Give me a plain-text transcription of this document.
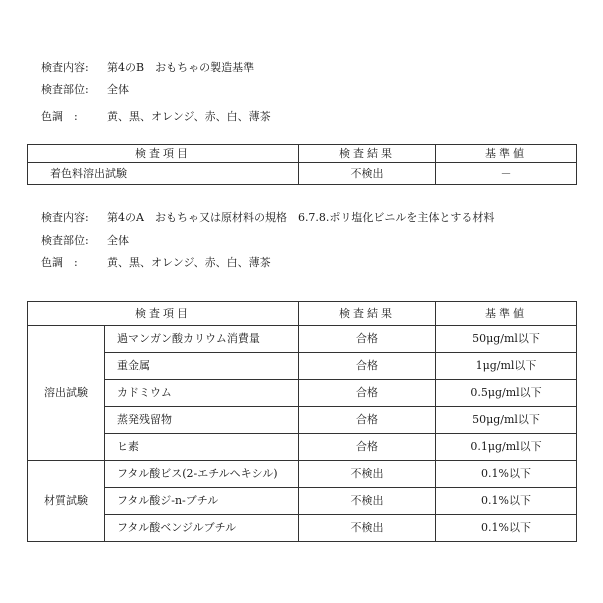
検査内容: 第4のB　おもちゃの製造基準
検査部位: 全体
色調　:	黄、黒、オレンジ、赤、白、薄茶
検査項目	検査結果	基準値
着色料溶出試験	不検出	－
検査内容: 第4のA　おもちゃ又は原材料の規格　6.7.8.ポリ塩化ビニルを主体とする材料
検査部位: 全体
色調　:	黄、黒、オレンジ、赤、白、薄茶
検査項目		検査結果	基準値
溶出試験	過マンガン酸カリウム消費量	合格	50μg/ml以下
	重金属	合格	1μg/ml以下
	カドミウム	合格	0.5μg/ml以下
	蒸発残留物	合格	50μg/ml以下
	ヒ素	合格	0.1μg/ml以下
材質試験	フタル酸ビス(2-エチルヘキシル)	不検出	0.1%以下
	フタル酸ジ-n-ブチル	不検出	0.1%以下
	フタル酸ベンジルブチル	不検出	0.1%以下
